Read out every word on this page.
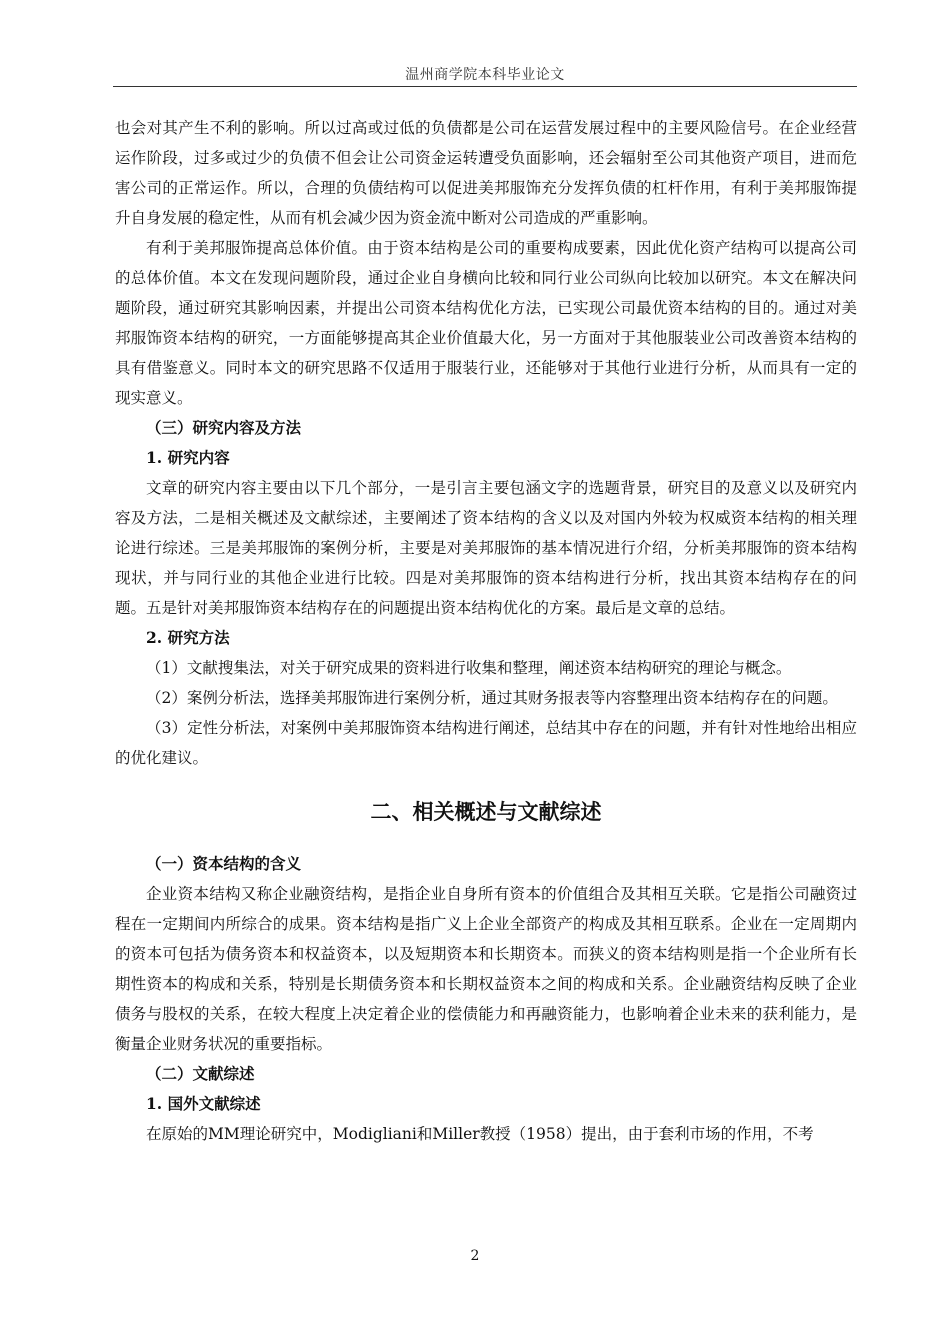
温州商学院本科毕业论文

也会对其产生不利的影响。所以过高或过低的负债都是公司在运营发展过程中的主要风险信号。在企业经营运作阶段，过多或过少的负债不但会让公司资金运转遭受负面影响，还会辐射至公司其他资产项目，进而危害公司的正常运作。所以，合理的负债结构可以促进美邦服饰充分发挥负债的杠杆作用，有利于美邦服饰提升自身发展的稳定性，从而有机会减少因为资金流中断对公司造成的严重影响。

有利于美邦服饰提高总体价值。由于资本结构是公司的重要构成要素，因此优化资产结构可以提高公司的总体价值。本文在发现问题阶段，通过企业自身横向比较和同行业公司纵向比较加以研究。本文在解决问题阶段，通过研究其影响因素，并提出公司资本结构优化方法，已实现公司最优资本结构的目的。通过对美邦服饰资本结构的研究，一方面能够提高其企业价值最大化，另一方面对于其他服装业公司改善资本结构的具有借鉴意义。同时本文的研究思路不仅适用于服装行业，还能够对于其他行业进行分析，从而具有一定的现实意义。

（三）研究内容及方法

1. 研究内容

文章的研究内容主要由以下几个部分，一是引言主要包涵文字的选题背景，研究目的及意义以及研究内容及方法，二是相关概述及文献综述，主要阐述了资本结构的含义以及对国内外较为权威资本结构的相关理论进行综述。三是美邦服饰的案例分析，主要是对美邦服饰的基本情况进行介绍，分析美邦服饰的资本结构现状，并与同行业的其他企业进行比较。四是对美邦服饰的资本结构进行分析，找出其资本结构存在的问题。五是针对美邦服饰资本结构存在的问题提出资本结构优化的方案。最后是文章的总结。

2. 研究方法

（1）文献搜集法，对关于研究成果的资料进行收集和整理，阐述资本结构研究的理论与概念。

（2）案例分析法，选择美邦服饰进行案例分析，通过其财务报表等内容整理出资本结构存在的问题。

（3）定性分析法，对案例中美邦服饰资本结构进行阐述，总结其中存在的问题，并有针对性地给出相应的优化建议。

二、相关概述与文献综述

（一）资本结构的含义

企业资本结构又称企业融资结构，是指企业自身所有资本的价值组合及其相互关联。它是指公司融资过程在一定期间内所综合的成果。资本结构是指广义上企业全部资产的构成及其相互联系。企业在一定周期内的资本可包括为债务资本和权益资本，以及短期资本和长期资本。而狭义的资本结构则是指一个企业所有长期性资本的构成和关系，特别是长期债务资本和长期权益资本之间的构成和关系。企业融资结构反映了企业债务与股权的关系，在较大程度上决定着企业的偿债能力和再融资能力，也影响着企业未来的获利能力，是衡量企业财务状况的重要指标。

（二）文献综述

1. 国外文献综述

在原始的MM理论研究中，Modigliani和Miller教授（1958）提出，由于套利市场的作用，不考

2
